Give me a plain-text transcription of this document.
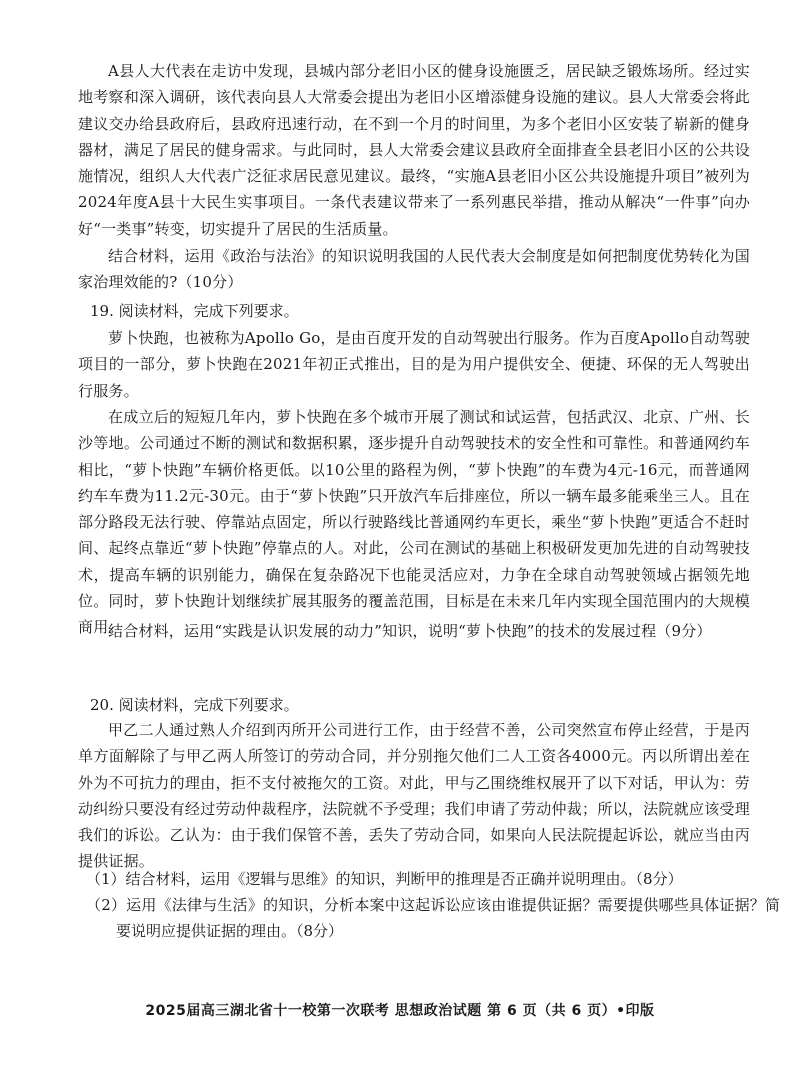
A县人大代表在走访中发现，县城内部分老旧小区的健身设施匮乏，居民缺乏锻炼场所。经过实地考察和深入调研，该代表向县人大常委会提出为老旧小区增添健身设施的建议。县人大常委会将此建议交办给县政府后，县政府迅速行动，在不到一个月的时间里，为多个老旧小区安装了崭新的健身器材，满足了居民的健身需求。与此同时，县人大常委会建议县政府全面排查全县老旧小区的公共设施情况，组织人大代表广泛征求居民意见建议。最终，“实施A县老旧小区公共设施提升项目”被列为2024年度A县十大民生实事项目。一条代表建议带来了一系列惠民举措，推动从解决“一件事”向办好“一类事”转变，切实提升了居民的生活质量。

结合材料，运用《政治与法治》的知识说明我国的人民代表大会制度是如何把制度优势转化为国家治理效能的?（10分）

19. 阅读材料，完成下列要求。

萝卜快跑，也被称为Apollo Go，是由百度开发的自动驾驶出行服务。作为百度Apollo自动驾驶项目的一部分，萝卜快跑在2021年初正式推出，目的是为用户提供安全、便捷、环保的无人驾驶出行服务。

在成立后的短短几年内，萝卜快跑在多个城市开展了测试和试运营，包括武汉、北京、广州、长沙等地。公司通过不断的测试和数据积累，逐步提升自动驾驶技术的安全性和可靠性。和普通网约车相比，“萝卜快跑”车辆价格更低。以10公里的路程为例，“萝卜快跑”的车费为4元-16元，而普通网约车车费为11.2元-30元。由于“萝卜快跑”只开放汽车后排座位，所以一辆车最多能乘坐三人。且在部分路段无法行驶、停靠站点固定，所以行驶路线比普通网约车更长，乘坐“萝卜快跑”更适合不赶时间、起终点靠近“萝卜快跑”停靠点的人。对此，公司在测试的基础上积极研发更加先进的自动驾驶技术，提高车辆的识别能力，确保在复杂路况下也能灵活应对，力争在全球自动驾驶领域占据领先地位。同时，萝卜快跑计划继续扩展其服务的覆盖范围，目标是在未来几年内实现全国范围内的大规模商用。

结合材料，运用“实践是认识发展的动力”知识，说明“萝卜快跑”的技术的发展过程（9分）

20. 阅读材料，完成下列要求。

甲乙二人通过熟人介绍到丙所开公司进行工作，由于经营不善，公司突然宣布停止经营，于是丙单方面解除了与甲乙两人所签订的劳动合同，并分别拖欠他们二人工资各4000元。丙以所谓出差在外为不可抗力的理由，拒不支付被拖欠的工资。对此，甲与乙围绕维权展开了以下对话，甲认为：劳动纠纷只要没有经过劳动仲裁程序，法院就不予受理；我们申请了劳动仲裁；所以，法院就应该受理我们的诉讼。乙认为：由于我们保管不善，丢失了劳动合同，如果向人民法院提起诉讼，就应当由丙提供证据。

（1）结合材料，运用《逻辑与思维》的知识，判断甲的推理是否正确并说明理由。（8分）

（2）运用《法律与生活》的知识，分析本案中这起诉讼应该由谁提供证据？需要提供哪些具体证据？简要说明应提供证据的理由。（8分）

2025届高三湖北省十一校第一次联考 思想政治试题 第 6 页（共 6 页）•印版
